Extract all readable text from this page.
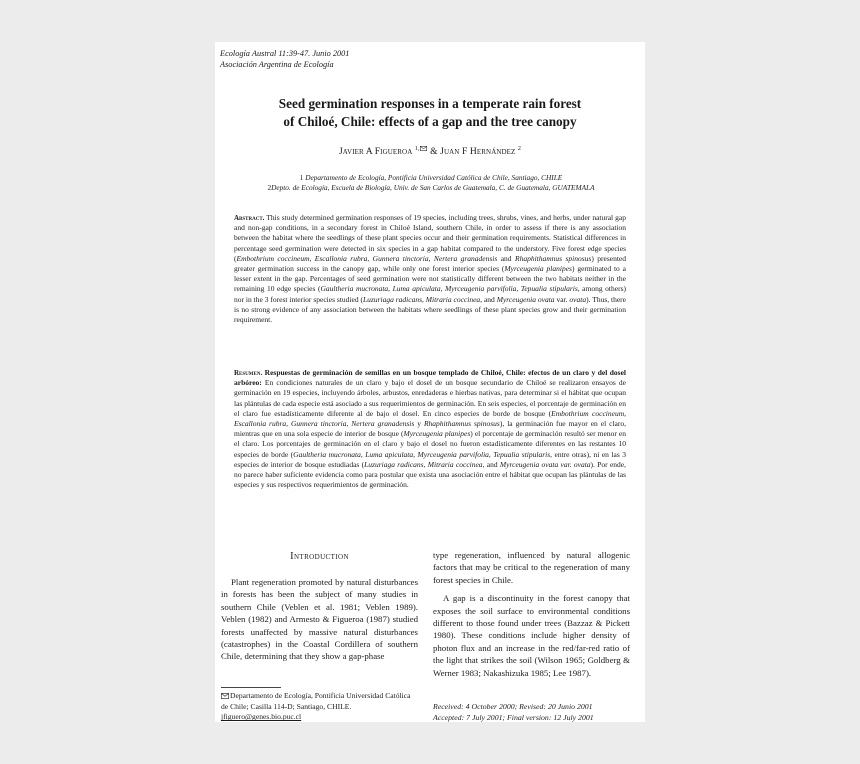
Ecología Austral 11:39-47. Junio 2001
Asociación Argentina de Ecología
Seed germination responses in a temperate rain forest
of Chiloé, Chile: effects of a gap and the tree canopy
Javier A Figueroa $^{1,}$ & Juan F Hernández $^2$
1 Departamento de Ecología, Pontificia Universidad Católica de Chile, Santiago, CHILE
2Depto. de Ecología, Escuela de Biología, Univ. de San Carlos de Guatemala, C. de Guatemala, GUATEMALA
Abstract. This study determined germination responses of 19 species, including trees, shrubs, vines, and herbs, under natural gap and non-gap conditions, in a secondary forest in Chiloé Island, southern Chile, in order to assess if there is any association between the habitat where the seedlings of these plant species occur and their germination requirements. Statistical differences in percentage seed germination were detected in six species in a gap habitat compared to the understory. Five forest edge species (Embothrium coccineum, Escallonia rubra, Gunnera tinctoria, Nertera granadensis and Rhaphithamnus spinosus) presented greater germination success in the canopy gap, while only one forest interior species (Myrceugenia planipes) germinated to a lesser extent in the gap. Percentages of seed germination were not statistically different between the two habitats neither in the remaining 10 edge species (Gaultheria mucronata, Luma apiculata, Myrceugenia parvifolia, Tepualia stipularis, among others) nor in the 3 forest interior species studied (Luzuriaga radicans, Mitraria coccinea, and Myrceugenia ovata var. ovata). Thus, there is no strong evidence of any association between the habitats where seedlings of these plant species grow and their germination requirement.
Resumen. Respuestas de germinación de semillas en un bosque templado de Chiloé, Chile: efectos de un claro y del dosel arbóreo: En condiciones naturales de un claro y bajo el dosel de un bosque secundario de Chiloé se realizaron ensayos de germinación en 19 especies, incluyendo árboles, arbustos, enredaderas e hierbas nativas, para determinar si el hábitat que ocupan las plántulas de cada especie está asociado a sus requerimientos de germinación. En seis especies, el porcentaje de germinación en el claro fue estadísticamente diferente al de bajo el dosel. En cinco especies de borde de bosque (Embothrium coccineum, Escallonia rubra, Gunnera tinctoria, Nertera granadensis y Rhaphithamnus spinosus), la germinación fue mayor en el claro, mientras que en una sola especie de interior de bosque (Myrceugenia planipes) el porcentaje de germinación resultó ser menor en el claro. Los porcentajes de germinación en el claro y bajo el dosel no fueron estadísticamente diferentes en las restantes 10 especies de borde (Gaultheria mucronata, Luma apiculata, Myrceugenia parvifolia, Tepualia stipularis, entre otras), ni en las 3 especies de interior de bosque estudiadas (Luzuriaga radicans, Mitraria coccinea, and Myrceugenia ovata var. ovata). Por ende, no parece haber suficiente evidencia como para postular que exista una asociación entre el hábitat que ocupan las plántulas de las especies y sus respectivos requerimientos de germinación.
Introduction

Plant regeneration promoted by natural disturbances in forests has been the subject of many studies in southern Chile (Veblen et al. 1981; Veblen 1989). Veblen (1982) and Armesto & Figueroa (1987) studied forests unaffected by massive natural disturbances (catastrophes) in the Coastal Cordillera of southern Chile, determining that they show a gap-phase

type regeneration, influenced by natural allogenic factors that may be critical to the regeneration of many forest species in Chile.

A gap is a discontinuity in the forest canopy that exposes the soil surface to environmental conditions different to those found under trees (Bazzaz & Pickett 1980). These conditions include higher density of photon flux and an increase in the red/far-red ratio of the light that strikes the soil (Wilson 1965; Goldberg & Werner 1983; Nakashizuka 1985; Lee 1987).

Departamento de Ecología, Pontificia Universidad Católica de Chile; Casilla 114-D; Santiago, CHILE.
jfiguero@genes.bio.puc.cl
Received: 4 October 2000; Revised: 20 Junio 2001
Accepted: 7 July 2001; Final version: 12 July 2001
